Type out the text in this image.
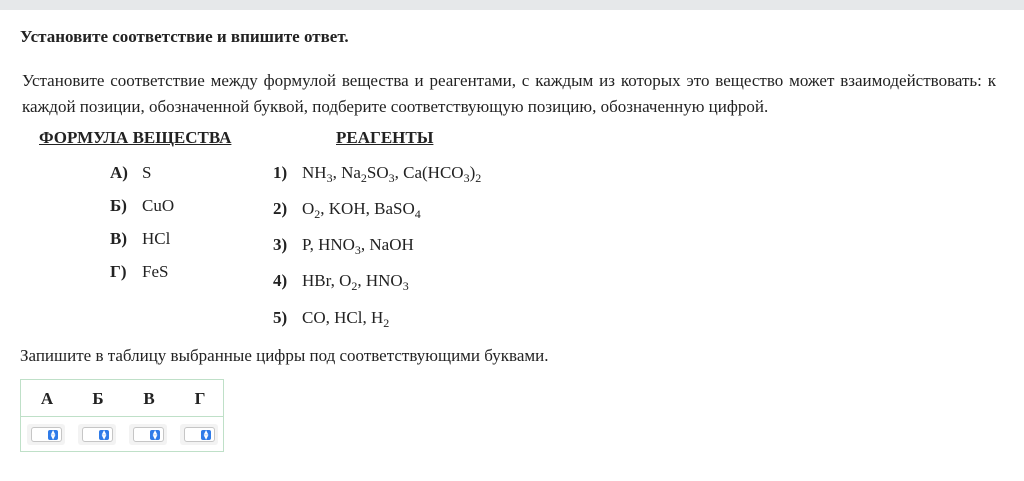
Установите соответствие и впишите ответ.
Установите соответствие между формулой вещества и реагентами, с каждым из которых это вещество может взаимодействовать: к каждой позиции, обозначенной буквой, подберите соответствующую позицию, обозначенную цифрой.
ФОРМУЛА ВЕЩЕСТВА	РЕАГЕНТЫ
А) S
Б) CuO
В) HCl
Г) FeS
1) $NH_3$, $Na_2SO_3$, $Ca(HCO_3)_2$
2) $O_2$, KOH, BaSO$_4$
3) P, $HNO_3$, NaOH
4) HBr, $O_2$, $HNO_3$
5) CO, HCl, $H_2$
Запишите в таблицу выбранные цифры под соответствующими буквами.
А	Б	В	Г
▲
▼
▲
▼
▲
▼
▲
▼
